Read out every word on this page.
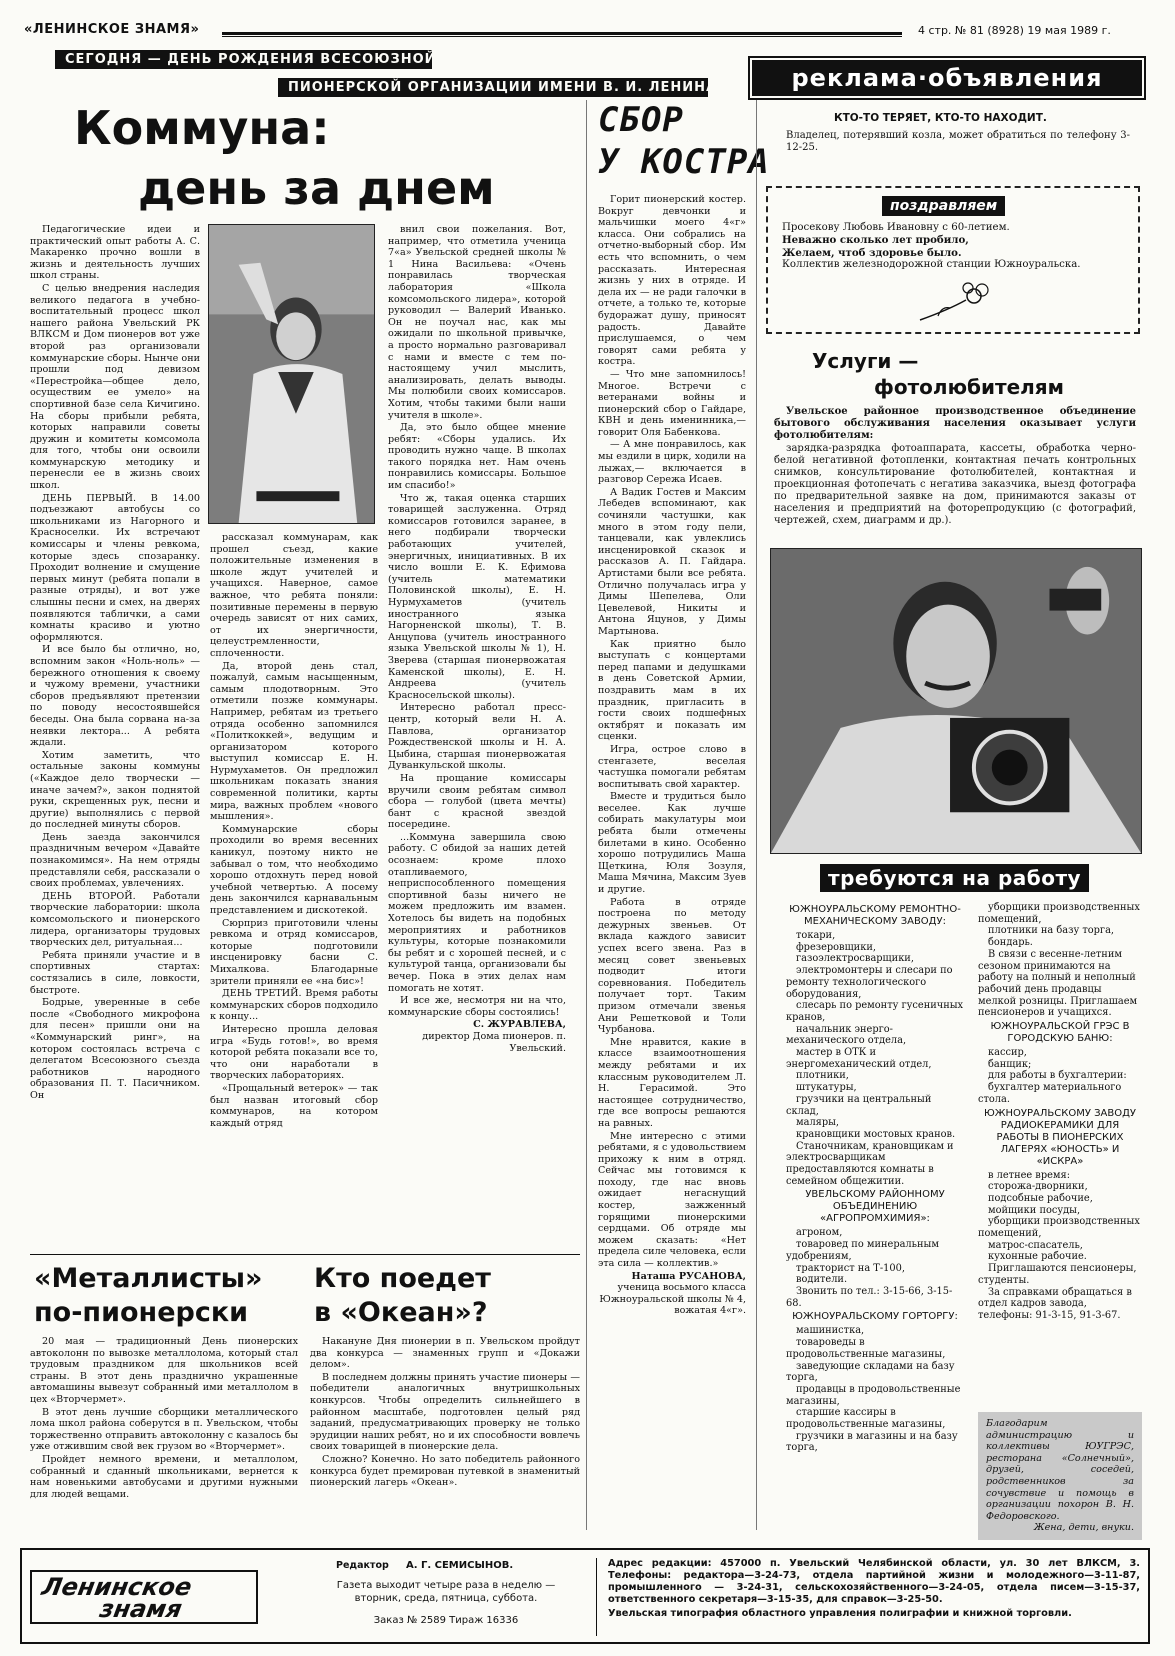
«ЛЕНИНСКОЕ ЗНАМЯ»	4 стр. № 81 (8928) 19 мая 1989 г.
СЕГОДНЯ — ДЕНЬ РОЖДЕНИЯ ВСЕСОЮЗНОЙ
ПИОНЕРСКОЙ ОРГАНИЗАЦИИ ИМЕНИ В. И. ЛЕНИНА
Коммуна:
день за днем

Педагогические идеи и практический опыт работы А. С. Макаренко прочно вошли в жизнь и деятельность лучших школ страны.

С целью внедрения наследия великого педагога в учебно-воспитательный процесс школ нашего района Увельский РК ВЛКСМ и Дом пионеров вот уже второй раз организовали коммунарские сборы. Нынче они прошли под девизом «Перестройка—общее дело, осуществим ее умело» на спортивной базе села Кичигино. На сборы прибыли ребята, которых направили советы дружин и комитеты комсомола для того, чтобы они освоили коммунарскую методику и перенесли ее в жизнь своих школ.

ДЕНЬ ПЕРВЫЙ. В 14.00 подъезжают автобусы со школьниками из Нагорного и Красноселки. Их встречают комиссары и члены ревкома, которые здесь спозаранку. Проходит волнение и смущение первых минут (ребята попали в разные отряды), и вот уже слышны песни и смех, на дверях появляются таблички, а сами комнаты красиво и уютно оформляются.

И все было бы отлично, но, вспомним закон «Ноль-ноль» — бережного отношения к своему и чужому времени, участники сборов предъявляют претензии по поводу несостоявшейся беседы. Она была сорвана на-за неявки лектора... А ребята ждали.

Хотим заметить, что остальные законы коммуны («Каждое дело творчески — иначе зачем?», закон поднятой руки, скрещенных рук, песни и другие) выполнялись с первой до последней минуты сборов.

День заезда закончился праздничным вечером «Давайте познакомимся». На нем отряды представляли себя, рассказали о своих проблемах, увлечениях.

ДЕНЬ ВТОРОЙ. Работали творческие лаборатории: школа комсомольского и пионерского лидера, организаторы трудовых творческих дел, ритуальная...

Ребята приняли участие и в спортивных стартах: состязались в силе, ловкости, быстроте.

Бодрые, уверенные в себе после «Свободного микрофона для песен» пришли они на «Коммунарский ринг», на котором состоялась встреча с делегатом Всесоюзного съезда работников народного образования П. Т. Пасичником. Он

рассказал коммунарам, как прошел съезд, какие положительные изменения в школе ждут учителей и учащихся. Наверное, самое важное, что ребята поняли: позитивные перемены в первую очередь зависят от них самих, от их энергичности, целеустремленности, сплоченности.

Да, второй день стал, пожалуй, самым насыщенным, самым плодотворным. Это отметили позже коммунары. Например, ребятам из третьего отряда особенно запомнился «Политкоккей», ведущим и организатором которого выступил комиссар Е. Н. Нурмухаметов. Он предложил школьникам показать знания современной политики, карты мира, важных проблем «нового мышления».

Коммунарские сборы проходили во время весенних каникул, поэтому никто не забывал о том, что необходимо хорошо отдохнуть перед новой учебной четвертью. А посему день закончился карнавальным представлением и дискотекой.

Сюрприз приготовили члены ревкома и отряд комиссаров, которые подготовили инсценировку басни С. Михалкова. Благодарные зрители приняли ее «на бис»!

ДЕНЬ ТРЕТИЙ. Время работы коммунарских сборов подходило к концу...

Интересно прошла деловая игра «Будь готов!», во время которой ребята показали все то, что они наработали в творческих лабораториях.

«Прощальный ветерок» — так был назван итоговый сбор коммунаров, на котором каждый отряд

внил свои пожелания. Вот, например, что отметила ученица 7«а» Увельской средней школы № 1 Нина Васильева: «Очень понравилась творческая лаборатория «Школа комсомольского лидера», которой руководил — Валерий Иванько. Он не поучал нас, как мы ожидали по школьной привычке, а просто нормально разговаривал с нами и вместе с тем по-настоящему учил мыслить, анализировать, делать выводы. Мы полюбили своих комиссаров. Хотим, чтобы такими были наши учителя в школе».

Да, это было общее мнение ребят: «Сборы удались. Их проводить нужно чаще. В школах такого порядка нет. Нам очень понравились комиссары. Большое им спасибо!»

Что ж, такая оценка старших товарищей заслуженна. Отряд комиссаров готовился заранее, в него подбирали творчески работающих учителей, энергичных, инициативных. В их число вошли Е. К. Ефимова (учитель математики Половинской школы), Е. Н. Нурмухаметов (учитель иностранного языка Нагорненской школы), Т. В. Анцупова (учитель иностранного языка Увельской школы № 1), Н. Зверева (старшая пионервожатая Каменской школы), Е. Н. Андреева (учитель Красносельской школы).

Интересно работал пресс-центр, который вели Н. А. Павлова, организатор Рождественской школы и Н. А. Цыбина, старшая пионервожатая Дуванкульской школы.

На прощание комиссары вручили своим ребятам символ сбора — голубой (цвета мечты) бант с красной звездой посередине.

...Коммуна завершила свою работу. С обидой за наших детей осознаем: кроме плохо отапливаемого, неприспособленного помещения спортивной базы ничего не можем предложить им взамен. Хотелось бы видеть на подобных мероприятиях и работников культуры, которые познакомили бы ребят и с хорошей песней, и с культурой танца, организовали бы вечер. Пока в этих делах нам помогать не хотят.

И все же, несмотря ни на что, коммунарские сборы состоялись!

С. ЖУРАВЛЕВА,
директор Дома пионеров. п. Увельский.
«Металлисты»
по-пионерски

20 мая — традиционный День пионерских автоколонн по вывозке металлолома, который стал трудовым праздником для школьников всей страны. В этот день празднично украшенные автомашины вывезут собранный ими металлолом в цех «Вторчермет».

В этот день лучшие сборщики металлического лома школ района соберутся в п. Увельском, чтобы торжественно отправить автоколонну с казалось бы уже отжившим свой век грузом во «Вторчермет».

Пройдет немного времени, и металлолом, собранный и сданный школьниками, вернется к нам новенькими автобусами и другими нужными для людей вещами.

Кто поедет
в «Океан»?

Накануне Дня пионерии в п. Увельском пройдут два конкурса — знаменных групп и «Докажи делом».

В последнем должны принять участие пионеры — победители аналогичных внутришкольных конкурсов. Чтобы определить сильнейшего в районном масштабе, подготовлен целый ряд заданий, предусматривающих проверку не только эрудиции наших ребят, но и их способности вовлечь своих товарищей в пионерские дела.

Сложно? Конечно. Но зато победитель районного конкурса будет премирован путевкой в знаменитый пионерский лагерь «Океан».

СБОР
У КОСТРА

Горит пионерский костер. Вокруг девчонки и мальчишки моего 4«г» класса. Они собрались на отчетно-выборный сбор. Им есть что вспомнить, о чем рассказать. Интересная жизнь у них в отряде. И дела их — не ради галочки в отчете, а только те, которые будоражат душу, приносят радость. Давайте прислушаемся, о чем говорят сами ребята у костра.

— Что мне запомнилось! Многое. Встречи с ветеранами войны и пионерский сбор о Гайдаре, КВН и день именинника,— говорит Оля Бабенкова.

— А мне понравилось, как мы ездили в цирк, ходили на лыжах,— включается в разговор Сережа Исаев.

А Вадик Гостев и Максим Лебедев вспоминают, как сочиняли частушки, как много в этом году пели, танцевали, как увлеклись инсценировкой сказок и рассказов А. П. Гайдара. Артистами были все ребята. Отлично получалась игра у Димы Шепелева, Оли Цевелевой, Никиты и Антона Яцунов, у Димы Мартынова.

Как приятно было выступать с концертами перед папами и дедушками в день Советской Армии, поздравить мам в их праздник, пригласить в гости своих подшефных октябрят и показать им сценки.

Игра, острое слово в стенгазете, веселая частушка помогали ребятам воспитывать свой характер.

Вместе и трудиться было веселее. Как лучше собирать макулатуры мои ребята были отмечены билетами в кино. Особенно хорошо потрудились Маша Щеткина, Юля Зозуля, Маша Мячина, Максим Зуев и другие.

Работа в отряде построена по методу дежурных звеньев. От вклада каждого зависит успех всего звена. Раз в месяц совет звеньевых подводит итоги соревнования. Победитель получает торт. Таким призом отмечали звенья Ани Решетковой и Толи Чурбанова.

Мне нравится, какие в классе взаимоотношения между ребятами и их классным руководителем Л. Н. Герасимой. Это настоящее сотрудничество, где все вопросы решаются на равных.

Мне интересно с этими ребятами, я с удовольствием прихожу к ним в отряд. Сейчас мы готовимся к походу, где нас вновь ожидает негаснущий костер, зажженный горящими пионерскими сердцами. Об отряде мы можем сказать: «Нет предела силе человека, если эта сила — коллектив.»

Наташа РУСАНОВА,
ученица восьмого класса Южноуральской школы № 4, вожатая 4«г».
реклама·объявления
КТО-ТО ТЕРЯЕТ, КТО-ТО НАХОДИТ.
Владелец, потерявший козла, может обратиться по телефону 3-12-25.
поздравляем
Просекову Любовь Ивановну с 60-летием.
Неважно сколько лет пробило,
Желаем, чтоб здоровье было.
Коллектив железнодорожной станции Южноуральска.
Услуги —
фотолюбителям

Увельское районное производственное объединение бытового обслуживания населения оказывает услуги фотолюбителям:

зарядка-разрядка фотоаппарата, кассеты, обработка черно-белой негативной фотопленки, контактная печать контрольных снимков, консультирование фотолюбителей, контактная и проекционная фотопечать с негатива заказчика, выезд фотографа по предварительной заявке на дом, принимаются заказы от населения и предприятий на фоторепродукцию (с фотографий, чертежей, схем, диаграмм и др.).

требуются на работу
ЮЖНОУРАЛЬСКОМУ РЕМОНТНО-МЕХАНИЧЕСКОМУ ЗАВОДУ:
токари,
фрезеровщики,
газоэлектросварщики,
электромонтеры и слесари по ремонту технологического оборудования,
слесарь по ремонту гусеничных кранов,
начальник энерго-механического отдела,
мастер в ОТК и энергомеханический отдел,
плотники,
штукатуры,
грузчики на центральный склад,
маляры,
крановщики мостовых кранов.
Станочникам, крановщикам и электросварщикам предоставляются комнаты в семейном общежитии.
УВЕЛЬСКОМУ РАЙОННОМУ ОБЪЕДИНЕНИЮ «АГРОПРОМХИМИЯ»:
агроном,
товаровед по минеральным удобрениям,
тракторист на Т-100,
водители.
Звонить по тел.: 3-15-66, 3-15-68.
ЮЖНОУРАЛЬСКОМУ ГОРТОРГУ:
машинистка,
товароведы в продовольственные магазины,
заведующие складами на базу торга,
продавцы в продовольственные магазины,
старшие кассиры в продовольственные магазины,
грузчики в магазины и на базу торга,
уборщики производственных помещений,
плотники на базу торга,
бондарь.
В связи с весенне-летним сезоном принимаются на работу на полный и неполный рабочий день продавцы мелкой розницы. Приглашаем пенсионеров и учащихся.
ЮЖНОУРАЛЬСКОЙ ГРЭС В ГОРОДСКУЮ БАНЮ:
кассир,
банщик;
для работы в бухгалтерии:
бухгалтер материального стола.
ЮЖНОУРАЛЬСКОМУ ЗАВОДУ РАДИОКЕРАМИКИ ДЛЯ РАБОТЫ В ПИОНЕРСКИХ ЛАГЕРЯХ «ЮНОСТЬ» И «ИСКРА»
в летнее время:
сторожа-дворники,
подсобные рабочие,
мойщики посуды,
уборщики производственных помещений,
матрос-спасатель,
кухонные рабочие.
Приглашаются пенсионеры, студенты.
За справками обращаться в отдел кадров завода, телефоны: 91-3-15, 91-3-67.
Благодарим администрацию и коллективы ЮУГРЭС, ресторана «Солнечный», друзей, соседей, родственников за сочувствие и помощь в организации похорон В. Н. Федоровского.
Жена, дети, внуки.
Ленинское
знамя
Редактор А. Г. СЕМИСЫНОВ.
Газета выходит четыре раза в неделю — вторник, среда, пятница, суббота.
Заказ № 2589 Тираж 16336
Адрес редакции: 457000 п. Увельский Челябинской области, ул. 30 лет ВЛКСМ, 3. Телефоны: редактора—3-24-73, отдела партийной жизни и молодежного—3-11-87, промышленного — 3-24-31, сельскохозяйственного—3-24-05, отдела писем—3-15-37, ответственного секретаря—3-15-35, для справок—3-25-50.
Увельская типография областного управления полиграфии и книжной торговли.
